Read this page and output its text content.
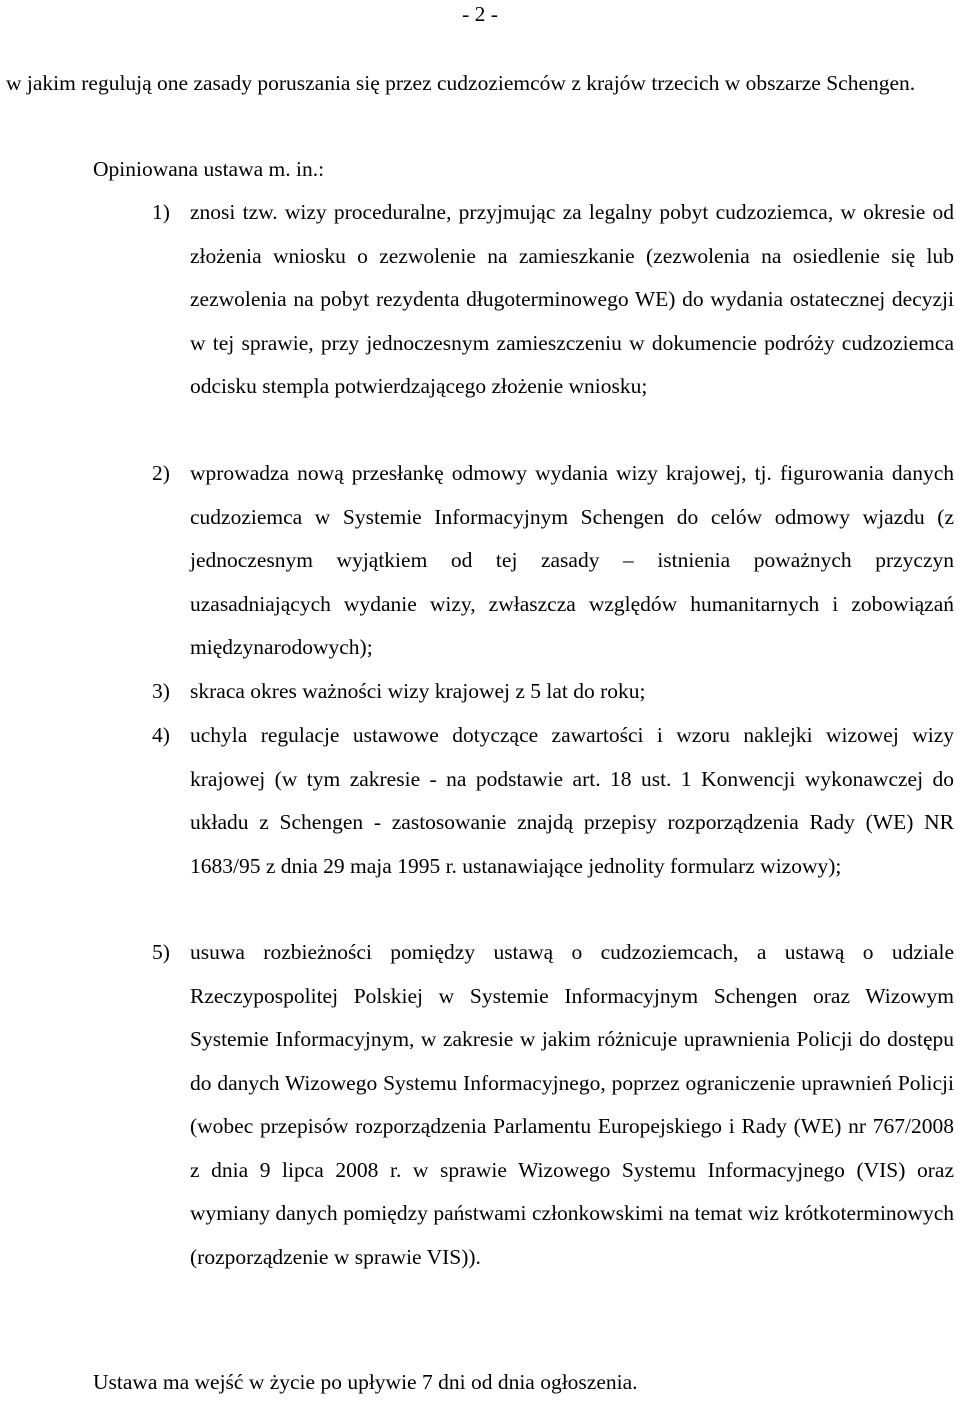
- 2 -
w jakim regulują one zasady poruszania się przez cudzoziemców z krajów trzecich w obszarze Schengen.
Opiniowana ustawa m. in.:
1) znosi tzw. wizy proceduralne, przyjmując za legalny pobyt cudzoziemca, w okresie od złożenia wniosku o zezwolenie na zamieszkanie (zezwolenia na osiedlenie się lub zezwolenia na pobyt rezydenta długoterminowego WE) do wydania ostatecznej decyzji w tej sprawie, przy jednoczesnym zamieszczeniu w dokumencie podróży cudzoziemca odcisku stempla potwierdzającego złożenie wniosku;
2) wprowadza nową przesłankę odmowy wydania wizy krajowej, tj. figurowania danych cudzoziemca w Systemie Informacyjnym Schengen do celów odmowy wjazdu (z jednoczesnym wyjątkiem od tej zasady – istnienia poważnych przyczyn uzasadniających wydanie wizy, zwłaszcza względów humanitarnych i zobowiązań międzynarodowych);
3) skraca okres ważności wizy krajowej z 5 lat do roku;
4) uchyla regulacje ustawowe dotyczące zawartości i wzoru naklejki wizowej wizy krajowej (w tym zakresie - na podstawie art. 18 ust. 1 Konwencji wykonawczej do układu z Schengen - zastosowanie znajdą przepisy rozporządzenia Rady (WE) NR 1683/95 z dnia 29 maja 1995 r. ustanawiające jednolity formularz wizowy);
5) usuwa rozbieżności pomiędzy ustawą o cudzoziemcach, a ustawą o udziale Rzeczypospolitej Polskiej w Systemie Informacyjnym Schengen oraz Wizowym Systemie Informacyjnym, w zakresie w jakim różnicuje uprawnienia Policji do dostępu do danych Wizowego Systemu Informacyjnego, poprzez ograniczenie uprawnień Policji (wobec przepisów rozporządzenia Parlamentu Europejskiego i Rady (WE) nr 767/2008 z dnia 9 lipca 2008 r. w sprawie Wizowego Systemu Informacyjnego (VIS) oraz wymiany danych pomiędzy państwami członkowskimi na temat wiz krótkoterminowych (rozporządzenie w sprawie VIS)).
Ustawa ma wejść w życie po upływie 7 dni od dnia ogłoszenia.
